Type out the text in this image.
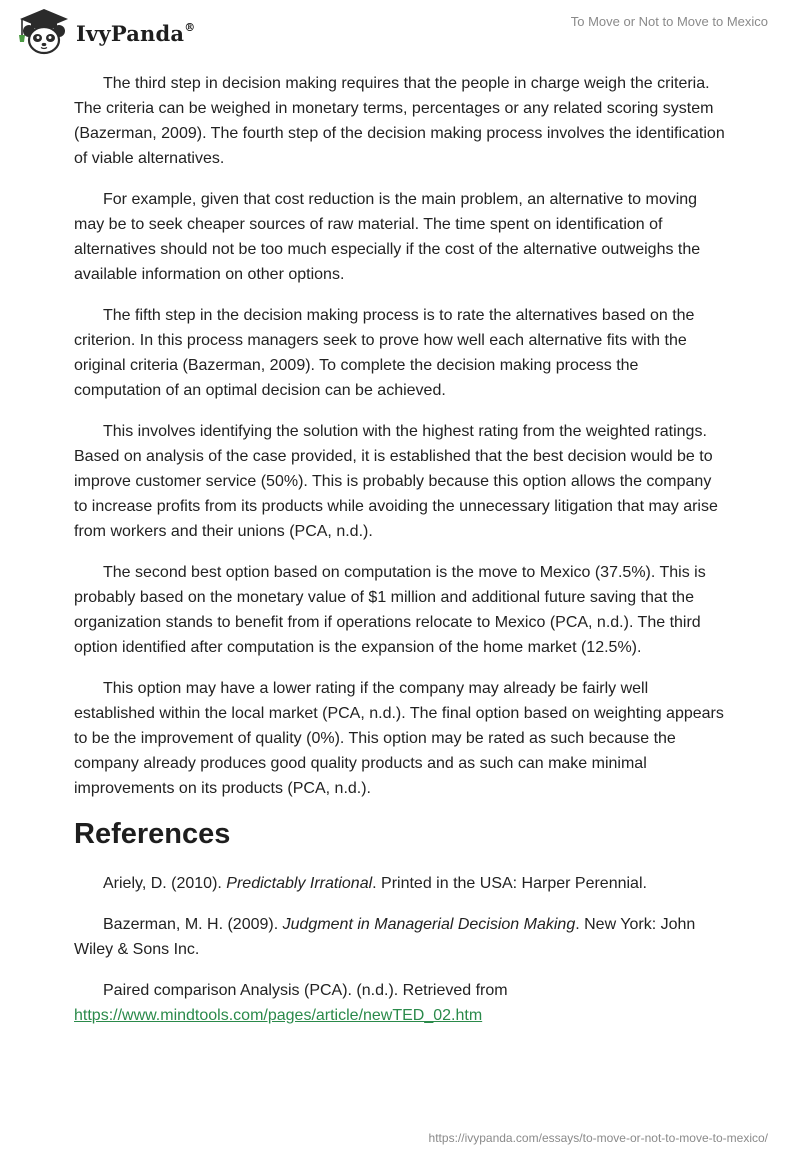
IvyPanda®	To Move or Not to Move to Mexico

The third step in decision making requires that the people in charge weigh the criteria. The criteria can be weighed in monetary terms, percentages or any related scoring system (Bazerman, 2009). The fourth step of the decision making process involves the identification of viable alternatives.

For example, given that cost reduction is the main problem, an alternative to moving may be to seek cheaper sources of raw material. The time spent on identification of alternatives should not be too much especially if the cost of the alternative outweighs the available information on other options.

The fifth step in the decision making process is to rate the alternatives based on the criterion. In this process managers seek to prove how well each alternative fits with the original criteria (Bazerman, 2009). To complete the decision making process the computation of an optimal decision can be achieved.

This involves identifying the solution with the highest rating from the weighted ratings. Based on analysis of the case provided, it is established that the best decision would be to improve customer service (50%). This is probably because this option allows the company to increase profits from its products while avoiding the unnecessary litigation that may arise from workers and their unions (PCA, n.d.).

The second best option based on computation is the move to Mexico (37.5%). This is probably based on the monetary value of $1 million and additional future saving that the organization stands to benefit from if operations relocate to Mexico (PCA, n.d.). The third option identified after computation is the expansion of the home market (12.5%).

This option may have a lower rating if the company may already be fairly well established within the local market (PCA, n.d.). The final option based on weighting appears to be the improvement of quality (0%). This option may be rated as such because the company already produces good quality products and as such can make minimal improvements on its products (PCA, n.d.).

References

Ariely, D. (2010). Predictably Irrational. Printed in the USA: Harper Perennial.

Bazerman, M. H. (2009). Judgment in Managerial Decision Making. New York: John Wiley & Sons Inc.

Paired comparison Analysis (PCA). (n.d.). Retrieved from
https://www.mindtools.com/pages/article/newTED_02.htm

https://ivypanda.com/essays/to-move-or-not-to-move-to-mexico/
